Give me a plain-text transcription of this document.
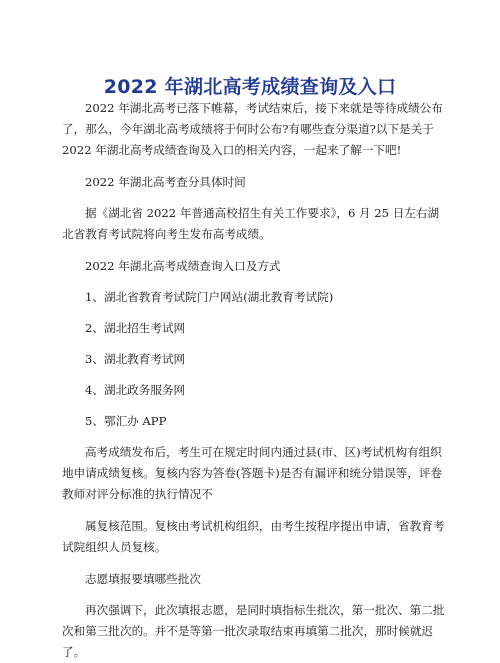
2022 年湖北高考成绩查询及入口

2022 年湖北高考已落下帷幕，考试结束后，接下来就是等待成绩公布了，那么，今年湖北高考成绩将于何时公布?有哪些查分渠道?以下是关于 2022 年湖北高考成绩查询及入口的相关内容，一起来了解一下吧!

2022 年湖北高考查分具体时间

据《湖北省 2022 年普通高校招生有关工作要求》，6 月 25 日左右湖北省教育考试院将向考生发布高考成绩。

2022 年湖北高考成绩查询入口及方式

1、湖北省教育考试院门户网站(湖北教育考试院)

2、湖北招生考试网

3、湖北教育考试网

4、湖北政务服务网

5、鄂汇办 APP

高考成绩发布后，考生可在规定时间内通过县(市、区)考试机构有组织地申请成绩复核。复核内容为答卷(答题卡)是否有漏评和统分错误等，评卷教师对评分标准的执行情况不

属复核范围。复核由考试机构组织，由考生按程序提出申请，省教育考试院组织人员复核。

志愿填报要填哪些批次

再次强调下，此次填报志愿，是同时填指标生批次，第一批次、第二批次和第三批次的。并不是等第一批次录取结束再填第二批次，那时候就迟了。
